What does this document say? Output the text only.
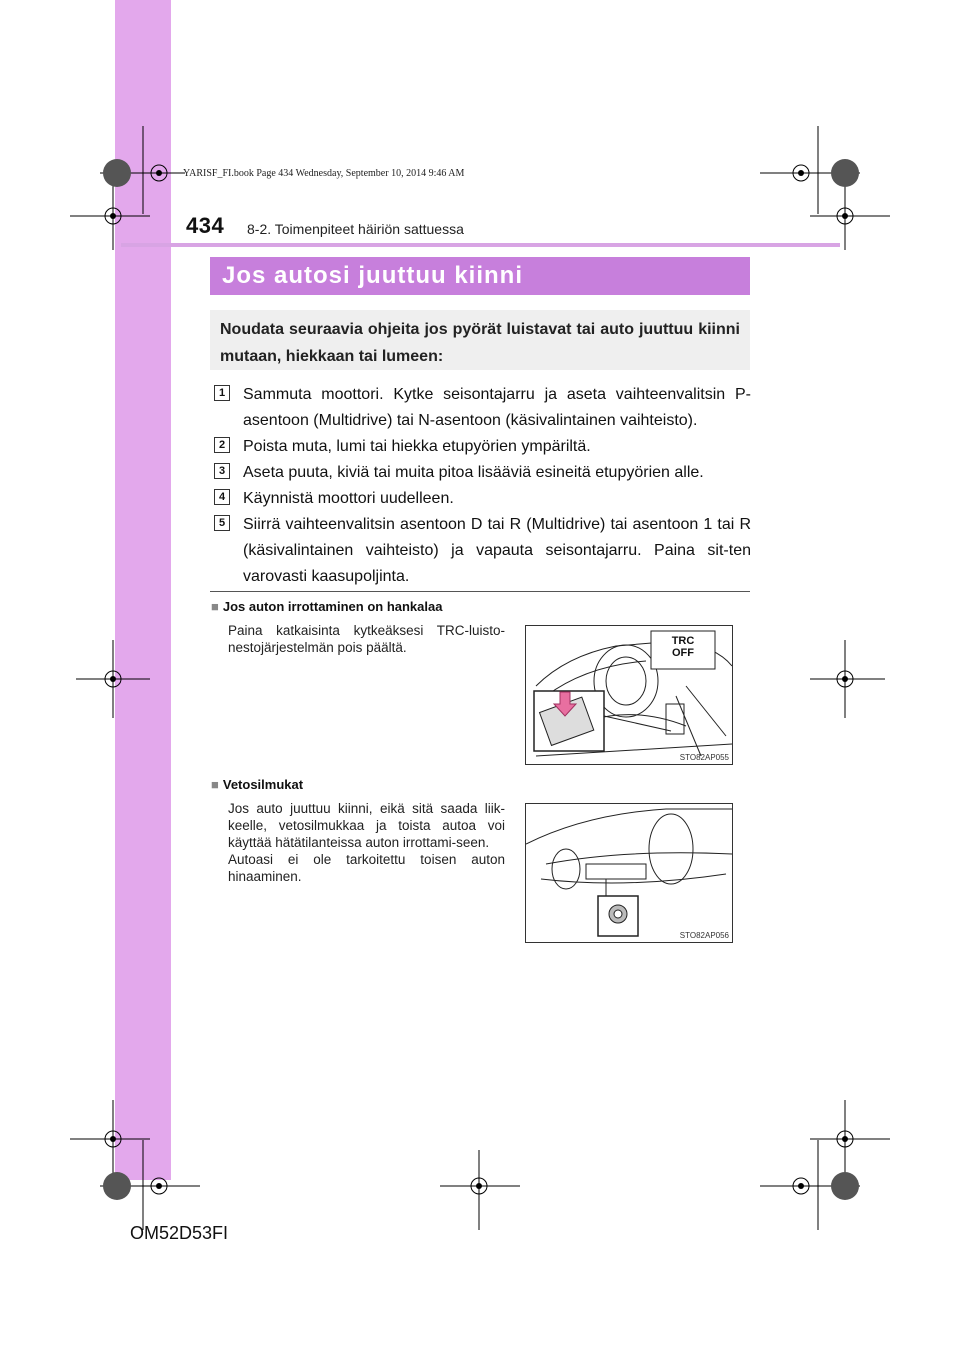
YARISF_FI.book Page 434 Wednesday, September 10, 2014 9:46 AM
434 8-2. Toimenpiteet häiriön sattuessa
Jos autosi juuttuu kiinni
Noudata seuraavia ohjeita jos pyörät luistavat tai auto juuttuu kiinni mutaan, hiekkaan tai lumeen:
1	Sammuta moottori. Kytke seisontajarru ja aseta vaihteenvalitsin P-asentoon (Multidrive) tai N-asentoon (käsivalintainen vaihteisto).
2	Poista muta, lumi tai hiekka etupyörien ympäriltä.
3	Aseta puuta, kiviä tai muita pitoa lisääviä esineitä etupyörien alle.
4	Käynnistä moottori uudelleen.
5	Siirrä vaihteenvalitsin asentoon D tai R (Multidrive) tai asentoon 1 tai R (käsivalintainen vaihteisto) ja vapauta seisontajarru. Paina sit-ten varovasti kaasupoljinta.
■ Jos auton irrottaminen on hankalaa
Paina katkaisinta kytkeäksesi TRC-luisto-nestojärjestelmän pois päältä.	TRC
OFF
STO82AP055
■ Vetosilmukat
Jos auto juuttuu kiinni, eikä sitä saada liik-keelle, vetosilmukkaa ja toista autoa voi käyttää hätätilanteissa auton irrottami-seen.
Autoasi ei ole tarkoitettu toisen auton hinaaminen.
STO82AP056
OM52D53FI
